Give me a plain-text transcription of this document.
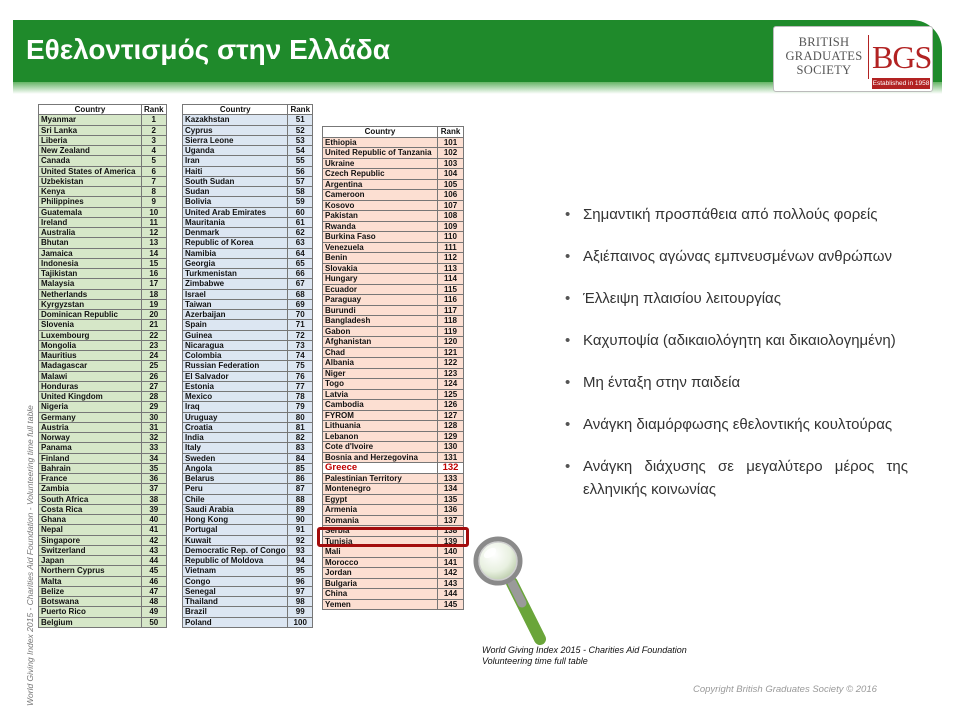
Εθελοντισμός στην Ελλάδα	BRITISH
GRADUATES
SOCIETY BGS
Established in 1958
Country	Rank
Myanmar	1
Sri Lanka	2
Liberia	3
New Zealand	4
Canada	5
United States of America	6
Uzbekistan	7
Kenya	8
Philippines	9
Guatemala	10
Ireland	11
Australia	12
Bhutan	13
Jamaica	14
Indonesia	15
Tajikistan	16
Malaysia	17
Netherlands	18
Kyrgyzstan	19
Dominican Republic	20
Slovenia	21
Luxembourg	22
Mongolia	23
Mauritius	24
Madagascar	25
Malawi	26
Honduras	27
United Kingdom	28
Nigeria	29
Germany	30
Austria	31
Norway	32
Panama	33
Finland	34
Bahrain	35
France	36
Zambia	37
South Africa	38
Costa Rica	39
Ghana	40
Nepal	41
Singapore	42
Switzerland	43
Japan	44
Northern Cyprus	45
Malta	46
Belize	47
Botswana	48
Puerto Rico	49
Belgium	50
Country	Rank
Kazakhstan	51
Cyprus	52
Sierra Leone	53
Uganda	54
Iran	55
Haiti	56
South Sudan	57
Sudan	58
Bolivia	59
United Arab Emirates	60
Mauritania	61
Denmark	62
Republic of Korea	63
Namibia	64
Georgia	65
Turkmenistan	66
Zimbabwe	67
Israel	68
Taiwan	69
Azerbaijan	70
Spain	71
Guinea	72
Nicaragua	73
Colombia	74
Russian Federation	75
El Salvador	76
Estonia	77
Mexico	78
Iraq	79
Uruguay	80
Croatia	81
India	82
Italy	83
Sweden	84
Angola	85
Belarus	86
Peru	87
Chile	88
Saudi Arabia	89
Hong Kong	90
Portugal	91
Kuwait	92
Democratic Rep. of Congo	93
Republic of Moldova	94
Vietnam	95
Congo	96
Senegal	97
Thailand	98
Brazil	99
Poland	100
Country	Rank
Ethiopia	101
United Republic of Tanzania	102
Ukraine	103
Czech Republic	104
Argentina	105
Cameroon	106
Kosovo	107
Pakistan	108
Rwanda	109
Burkina Faso	110
Venezuela	111
Benin	112
Slovakia	113
Hungary	114
Ecuador	115
Paraguay	116
Burundi	117
Bangladesh	118
Gabon	119
Afghanistan	120
Chad	121
Albania	122
Niger	123
Togo	124
Latvia	125
Cambodia	126
FYROM	127
Lithuania	128
Lebanon	129
Cote d'Ivoire	130
Bosnia and Herzegovina	131
Greece	132
Palestinian Territory	133
Montenegro	134
Egypt	135
Armenia	136
Romania	137
Serbia	138
Tunisia	139
Mali	140
Morocco	141
Jordan	142
Bulgaria	143
China	144
Yemen	145
World Giving Index 2015 - Charities Aid Foundation - Volunteering time full table
• Σημαντική προσπάθεια από πολλούς φορείς
• Αξιέπαινος αγώνας εμπνευσμένων ανθρώπων
• Έλλειψη πλαισίου λειτουργίας
• Καχυποψία (αδικαιολόγητη και δικαιολογημένη)
• Μη ένταξη στην παιδεία
• Ανάγκη διαμόρφωσης εθελοντικής κουλτούρας
• Ανάγκη διάχυσης σε μεγαλύτερο μέρος της ελληνικής κοινωνίας
World Giving Index 2015 - Charities Aid Foundation
Volunteering time full table
Copyright British Graduates Society © 2016
